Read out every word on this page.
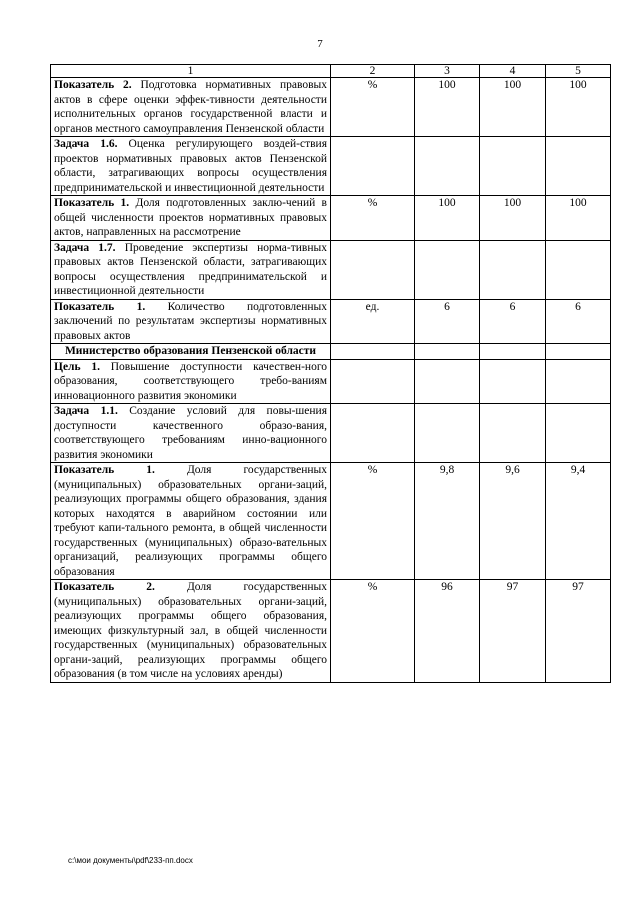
7
1	2	3	4	5
Показатель 2. Подготовка нормативных правовых актов в сфере оценки эффек-тивности деятельности исполнительных органов государственной власти и органов местного самоуправления Пензенской области	%	100	100	100
Задача 1.6. Оценка регулирующего воздей-ствия проектов нормативных правовых актов Пензенской области, затрагивающих вопросы осуществления предпринимательской и инвестиционной деятельности				
Показатель 1. Доля подготовленных заклю-чений в общей численности проектов нормативных правовых актов, направленных на рассмотрение	%	100	100	100
Задача 1.7. Проведение экспертизы норма-тивных правовых актов Пензенской области, затрагивающих вопросы осуществления предпринимательской и инвестиционной деятельности				
Показатель 1. Количество подготовленных заключений по результатам экспертизы нормативных правовых актов	ед.	6	6	6
Министерство образования Пензенской области				
Цель 1. Повышение доступности качествен-ного образования, соответствующего требо-ваниям инновационного развития экономики				
Задача 1.1. Создание условий для повы-шения доступности качественного образо-вания, соответствующего требованиям инно-вационного развития экономики				
Показатель 1. Доля государственных (муниципальных) образовательных органи-заций, реализующих программы общего образования, здания которых находятся в аварийном состоянии или требуют капи-тального ремонта, в общей численности государственных (муниципальных) образо-вательных организаций, реализующих программы общего образования	%	9,8	9,6	9,4
Показатель 2. Доля государственных (муниципальных) образовательных органи-заций, реализующих программы общего образования, имеющих физкультурный зал, в общей численности государственных (муниципальных) образовательных органи-заций, реализующих программы общего образования (в том числе на условиях аренды)	%	96	97	97
c:\мои документы\pdf\233-пп.docx
